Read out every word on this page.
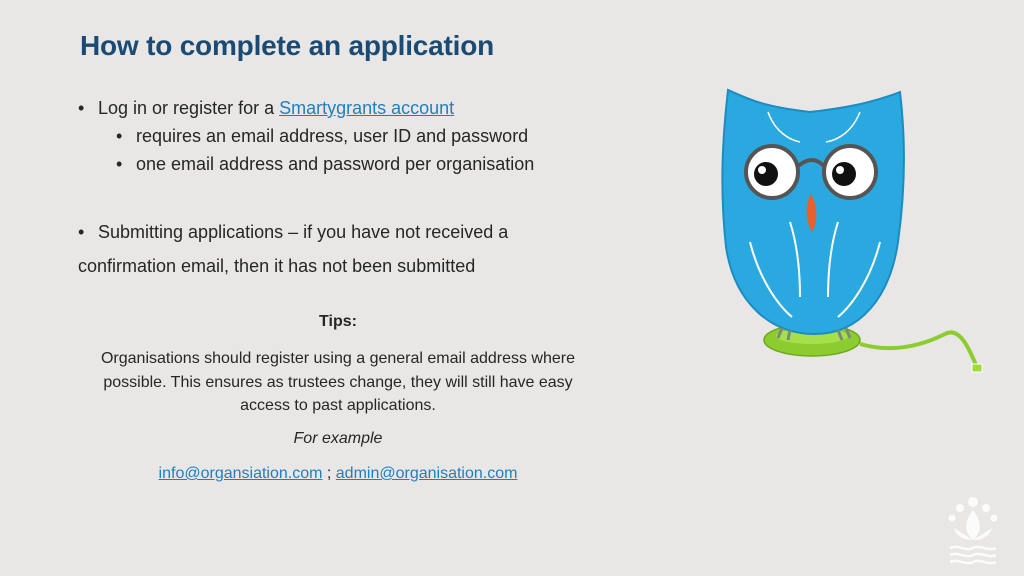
How to complete an application
• Log in or register for a Smartygrants account
• requires an email address, user ID and password
• one email address and password per organisation
• Submitting applications – if you have not received a
confirmation email, then it has not been submitted
Tips:
Organisations should register using a general email address where possible. This ensures as trustees change, they will still have easy access to past applications.
For example
info@organsiation.com ; admin@organisation.com
